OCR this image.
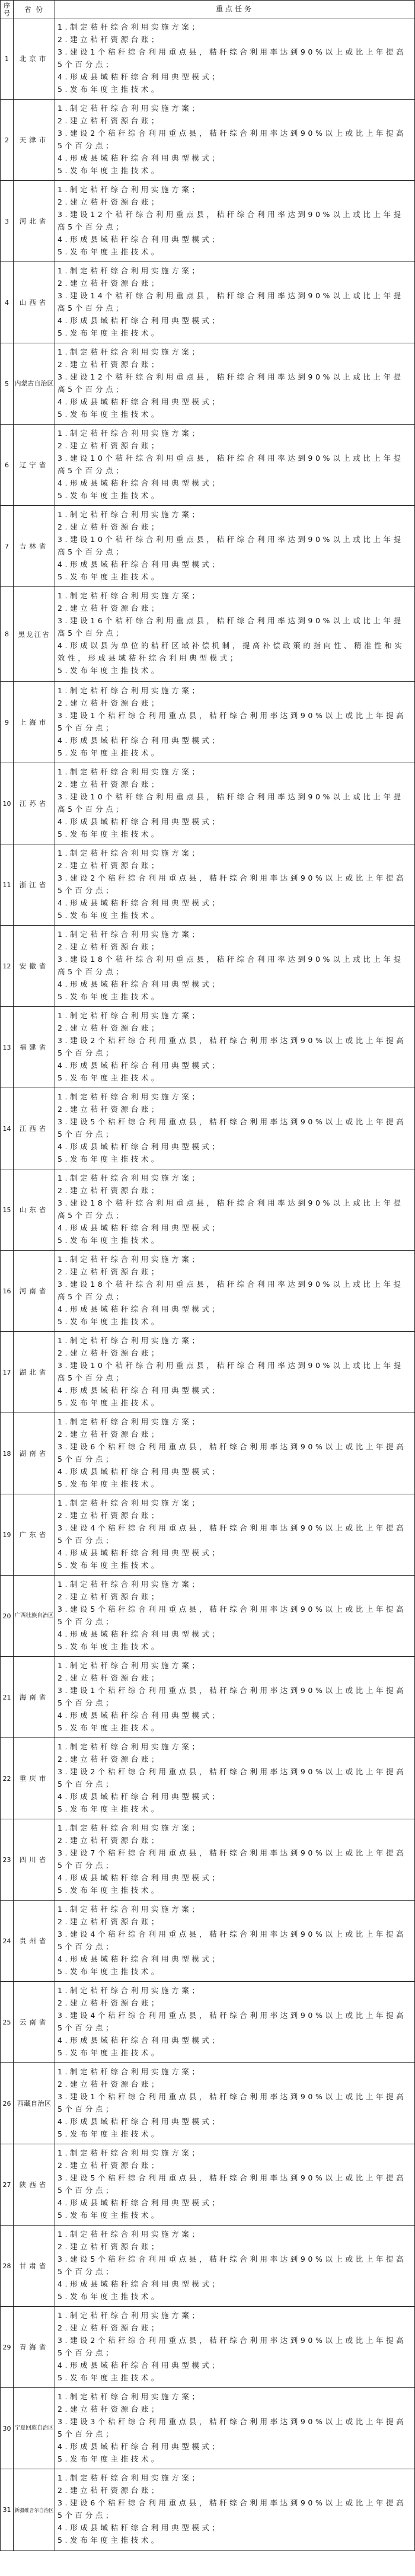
序号	省 份	重点任务
1	北京市
1.制定秸秆综合利用实施方案；
2.建立秸秆资源台账；
3.建设1个秸秆综合利用重点县，秸秆综合利用率达到90%以上或比上年提高5个百分点；
4.形成县域秸秆综合利用典型模式；
5.发布年度主推技术。
2	天津市
1.制定秸秆综合利用实施方案；
2.建立秸秆资源台账；
3.建设2个秸秆综合利用重点县，秸秆综合利用率达到90%以上或比上年提高5个百分点；
4.形成县域秸秆综合利用典型模式；
5.发布年度主推技术。
3	河北省
1.制定秸秆综合利用实施方案；
2.建立秸秆资源台账；
3.建设12个秸秆综合利用重点县，秸秆综合利用率达到90%以上或比上年提高5个百分点；
4.形成县域秸秆综合利用典型模式；
5.发布年度主推技术。
4	山西省
1.制定秸秆综合利用实施方案；
2.建立秸秆资源台账；
3.建设14个秸秆综合利用重点县，秸秆综合利用率达到90%以上或比上年提高5个百分点；
4.形成县域秸秆综合利用典型模式；
5.发布年度主推技术。
5 内蒙古自治区
1.制定秸秆综合利用实施方案；
2.建立秸秆资源台账；
3.建设12个秸秆综合利用重点县，秸秆综合利用率达到90%以上或比上年提高5个百分点；
4.形成县域秸秆综合利用典型模式；
5.发布年度主推技术。
6	辽宁省
1.制定秸秆综合利用实施方案；
2.建立秸秆资源台账；
3.建设10个秸秆综合利用重点县，秸秆综合利用率达到90%以上或比上年提高5个百分点；
4.形成县域秸秆综合利用典型模式；
5.发布年度主推技术。
7	吉林省
1.制定秸秆综合利用实施方案；
2.建立秸秆资源台账；
3.建设10个秸秆综合利用重点县，秸秆综合利用率达到90%以上或比上年提高5个百分点；
4.形成县域秸秆综合利用典型模式；
5.发布年度主推技术。
8	黑龙江省
1.制定秸秆综合利用实施方案；
2.建立秸秆资源台账；
3.建设16个秸秆综合利用重点县，秸秆综合利用率达到90%以上或比上年提高5个百分点；
4.形成以县为单位的秸秆区域补偿机制，提高补偿政策的指向性、精准性和实效性，形成县域秸秆综合利用典型模式；
5.发布年度主推技术。
9	上海市
1.制定秸秆综合利用实施方案；
2.建立秸秆资源台账；
3.建设1个秸秆综合利用重点县，秸秆综合利用率达到90%以上或比上年提高5个百分点；
4.形成县域秸秆综合利用典型模式；
5.发布年度主推技术。
10	江苏省
1.制定秸秆综合利用实施方案；
2.建立秸秆资源台账；
3.建设10个秸秆综合利用重点县，秸秆综合利用率达到90%以上或比上年提高5个百分点；
4.形成县域秸秆综合利用典型模式；
5.发布年度主推技术。
11	浙江省
1.制定秸秆综合利用实施方案；
2.建立秸秆资源台账；
3.建设2个秸秆综合利用重点县，秸秆综合利用率达到90%以上或比上年提高5个百分点；
4.形成县域秸秆综合利用典型模式；
5.发布年度主推技术。
12	安徽省
1.制定秸秆综合利用实施方案；
2.建立秸秆资源台账；
3.建设18个秸秆综合利用重点县，秸秆综合利用率达到90%以上或比上年提高5个百分点；
4.形成县域秸秆综合利用典型模式；
5.发布年度主推技术。
13	福建省
1.制定秸秆综合利用实施方案；
2.建立秸秆资源台账；
3.建设2个秸秆综合利用重点县，秸秆综合利用率达到90%以上或比上年提高5个百分点；
4.形成县域秸秆综合利用典型模式；
5.发布年度主推技术。
14	江西省
1.制定秸秆综合利用实施方案；
2.建立秸秆资源台账；
3.建设5个秸秆综合利用重点县，秸秆综合利用率达到90%以上或比上年提高5个百分点；
4.形成县域秸秆综合利用典型模式；
5.发布年度主推技术。
15	山东省
1.制定秸秆综合利用实施方案；
2.建立秸秆资源台账；
3.建设18个秸秆综合利用重点县，秸秆综合利用率达到90%以上或比上年提高5个百分点；
4.形成县域秸秆综合利用典型模式；
5.发布年度主推技术。
16	河南省
1.制定秸秆综合利用实施方案；
2.建立秸秆资源台账；
3.建设18个秸秆综合利用重点县，秸秆综合利用率达到90%以上或比上年提高5个百分点；
4.形成县域秸秆综合利用典型模式；
5.发布年度主推技术。
17	湖北省
1.制定秸秆综合利用实施方案；
2.建立秸秆资源台账；
3.建设10个秸秆综合利用重点县，秸秆综合利用率达到90%以上或比上年提高5个百分点；
4.形成县域秸秆综合利用典型模式；
5.发布年度主推技术。
18	湖南省
1.制定秸秆综合利用实施方案；
2.建立秸秆资源台账；
3.建设6个秸秆综合利用重点县，秸秆综合利用率达到90%以上或比上年提高5个百分点；
4.形成县域秸秆综合利用典型模式；
5.发布年度主推技术。
19	广东省
1.制定秸秆综合利用实施方案；
2.建立秸秆资源台账；
3.建设4个秸秆综合利用重点县，秸秆综合利用率达到90%以上或比上年提高5个百分点；
4.形成县域秸秆综合利用典型模式；
5.发布年度主推技术。
20 广西壮族自治区
1.制定秸秆综合利用实施方案；
2.建立秸秆资源台账；
3.建设5个秸秆综合利用重点县，秸秆综合利用率达到90%以上或比上年提高5个百分点；
4.形成县域秸秆综合利用典型模式；
5.发布年度主推技术。
21	海南省
1.制定秸秆综合利用实施方案；
2.建立秸秆资源台账；
3.建设1个秸秆综合利用重点县，秸秆综合利用率达到90%以上或比上年提高5个百分点；
4.形成县域秸秆综合利用典型模式；
5.发布年度主推技术。
22	重庆市
1.制定秸秆综合利用实施方案；
2.建立秸秆资源台账；
3.建设2个秸秆综合利用重点县，秸秆综合利用率达到90%以上或比上年提高5个百分点；
4.形成县域秸秆综合利用典型模式；
5.发布年度主推技术。
23	四川省
1.制定秸秆综合利用实施方案；
2.建立秸秆资源台账；
3.建设7个秸秆综合利用重点县，秸秆综合利用率达到90%以上或比上年提高5个百分点；
4.形成县域秸秆综合利用典型模式；
5.发布年度主推技术。
24	贵州省
1.制定秸秆综合利用实施方案；
2.建立秸秆资源台账；
3.建设4个秸秆综合利用重点县，秸秆综合利用率达到90%以上或比上年提高5个百分点；
4.形成县域秸秆综合利用典型模式；
5.发布年度主推技术。
25	云南省
1.制定秸秆综合利用实施方案；
2.建立秸秆资源台账；
3.建设4个秸秆综合利用重点县，秸秆综合利用率达到90%以上或比上年提高5个百分点；
4.形成县域秸秆综合利用典型模式；
5.发布年度主推技术。
26 西藏自治区
1.制定秸秆综合利用实施方案；
2.建立秸秆资源台账；
3.建设1个秸秆综合利用重点县，秸秆综合利用率达到90%以上或比上年提高5个百分点；
4.形成县域秸秆综合利用典型模式；
5.发布年度主推技术。
27	陕西省
1.制定秸秆综合利用实施方案；
2.建立秸秆资源台账；
3.建设5个秸秆综合利用重点县，秸秆综合利用率达到90%以上或比上年提高5个百分点；
4.形成县域秸秆综合利用典型模式；
5.发布年度主推技术。
28	甘肃省
1.制定秸秆综合利用实施方案；
2.建立秸秆资源台账；
3.建设5个秸秆综合利用重点县，秸秆综合利用率达到90%以上或比上年提高5个百分点；
4.形成县域秸秆综合利用典型模式；
5.发布年度主推技术。
29	青海省
1.制定秸秆综合利用实施方案；
2.建立秸秆资源台账；
3.建设2个秸秆综合利用重点县，秸秆综合利用率达到90%以上或比上年提高5个百分点；
4.形成县域秸秆综合利用典型模式；
5.发布年度主推技术。
30 宁夏回族自治区
1.制定秸秆综合利用实施方案；
2.建立秸秆资源台账；
3.建设3个秸秆综合利用重点县，秸秆综合利用率达到90%以上或比上年提高5个百分点；
4.形成县域秸秆综合利用典型模式；
5.发布年度主推技术。
31 新疆维吾尔自治区
1.制定秸秆综合利用实施方案；
2.建立秸秆资源台账；
3.建设6个秸秆综合利用重点县，秸秆综合利用率达到90%以上或比上年提高5个百分点；
4.形成县域秸秆综合利用典型模式；
5.发布年度主推技术。
